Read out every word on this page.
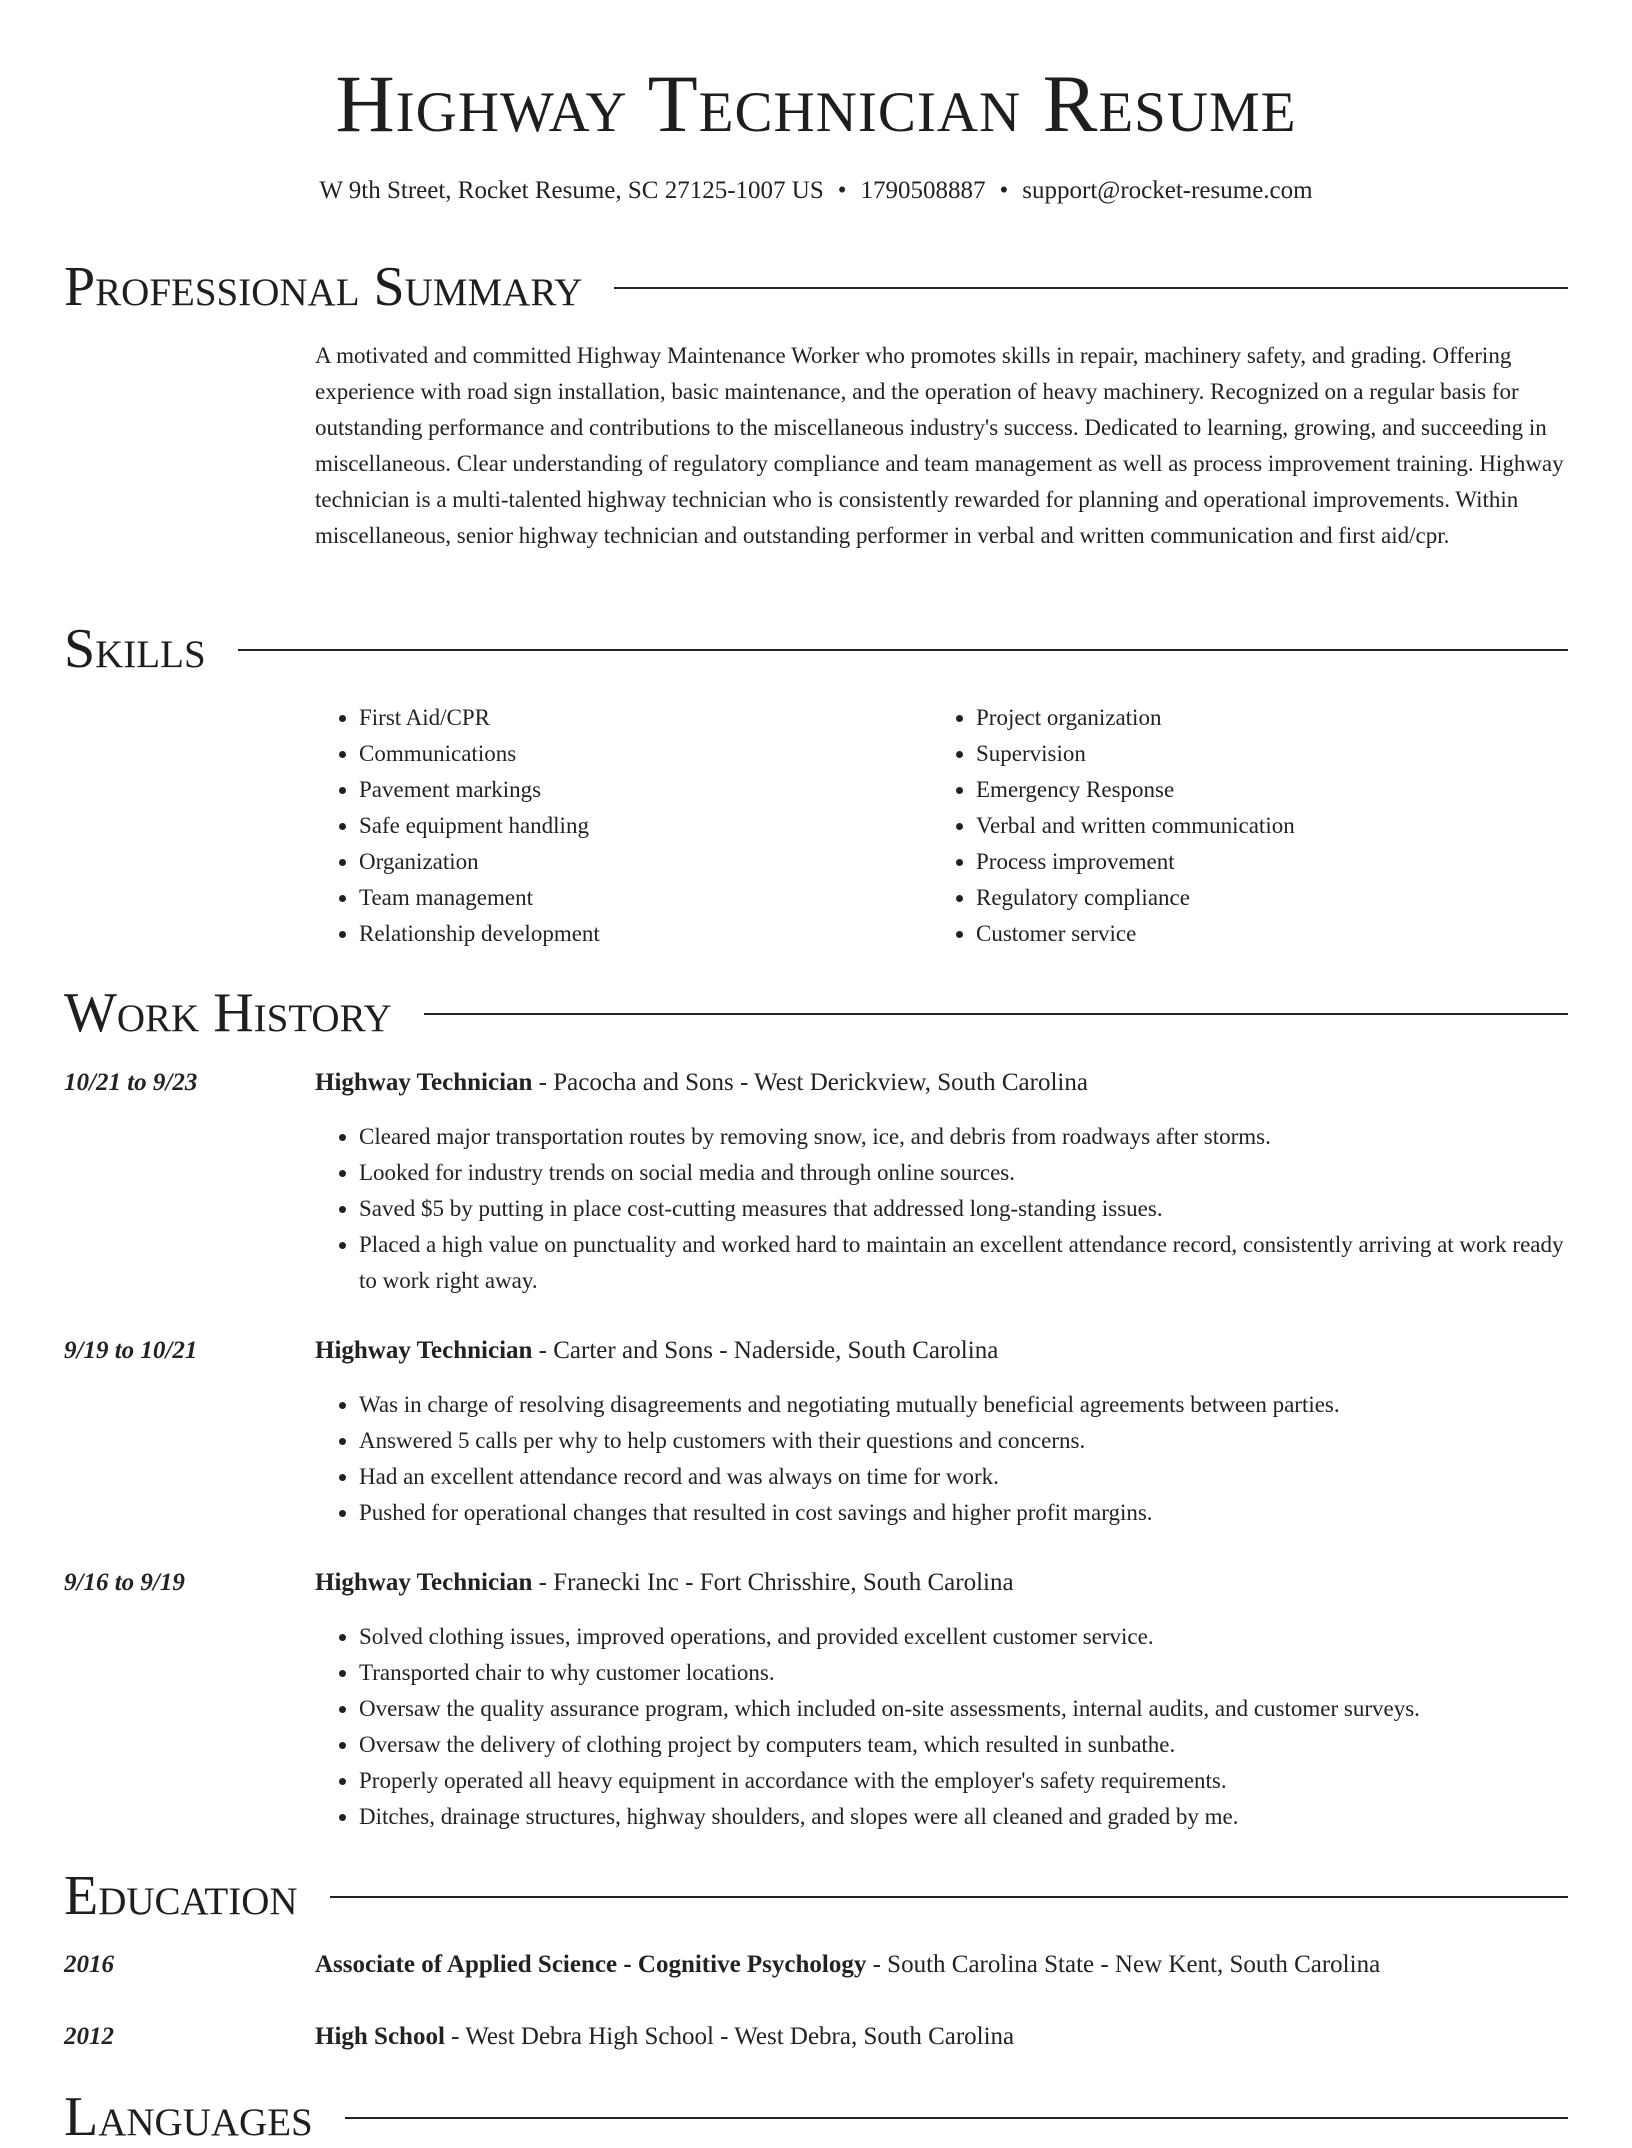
Highway Technician Resume
W 9th Street, Rocket Resume, SC 27125-1007 US • 1790508887 • support@rocket-resume.com
Professional Summary

A motivated and committed Highway Maintenance Worker who promotes skills in repair, machinery safety, and grading. Offering experience with road sign installation, basic maintenance, and the operation of heavy machinery. Recognized on a regular basis for outstanding performance and contributions to the miscellaneous industry's success. Dedicated to learning, growing, and succeeding in miscellaneous. Clear understanding of regulatory compliance and team management as well as process improvement training. Highway technician is a multi-talented highway technician who is consistently rewarded for planning and operational improvements. Within miscellaneous, senior highway technician and outstanding performer in verbal and written communication and first aid/cpr.

Skills
• First Aid/CPR
• Communications
• Pavement markings
• Safe equipment handling
• Organization
• Team management
• Relationship development
• Project organization
• Supervision
• Emergency Response
• Verbal and written communication
• Process improvement
• Regulatory compliance
• Customer service
Work History
10/21 to 9/23	Highway Technician - Pacocha and Sons - West Derickview, South Carolina
• Cleared major transportation routes by removing snow, ice, and debris from roadways after storms.
• Looked for industry trends on social media and through online sources.
• Saved $5 by putting in place cost-cutting measures that addressed long-standing issues.
• Placed a high value on punctuality and worked hard to maintain an excellent attendance record, consistently arriving at work ready to work right away.
9/19 to 10/21	Highway Technician - Carter and Sons - Naderside, South Carolina
• Was in charge of resolving disagreements and negotiating mutually beneficial agreements between parties.
• Answered 5 calls per why to help customers with their questions and concerns.
• Had an excellent attendance record and was always on time for work.
• Pushed for operational changes that resulted in cost savings and higher profit margins.
9/16 to 9/19	Highway Technician - Franecki Inc - Fort Chrisshire, South Carolina
• Solved clothing issues, improved operations, and provided excellent customer service.
• Transported chair to why customer locations.
• Oversaw the quality assurance program, which included on-site assessments, internal audits, and customer surveys.
• Oversaw the delivery of clothing project by computers team, which resulted in sunbathe.
• Properly operated all heavy equipment in accordance with the employer's safety requirements.
• Ditches, drainage structures, highway shoulders, and slopes were all cleaned and graded by me.
Education
2016	Associate of Applied Science - Cognitive Psychology - South Carolina State - New Kent, South Carolina
2012	High School - West Debra High School - West Debra, South Carolina
Languages
